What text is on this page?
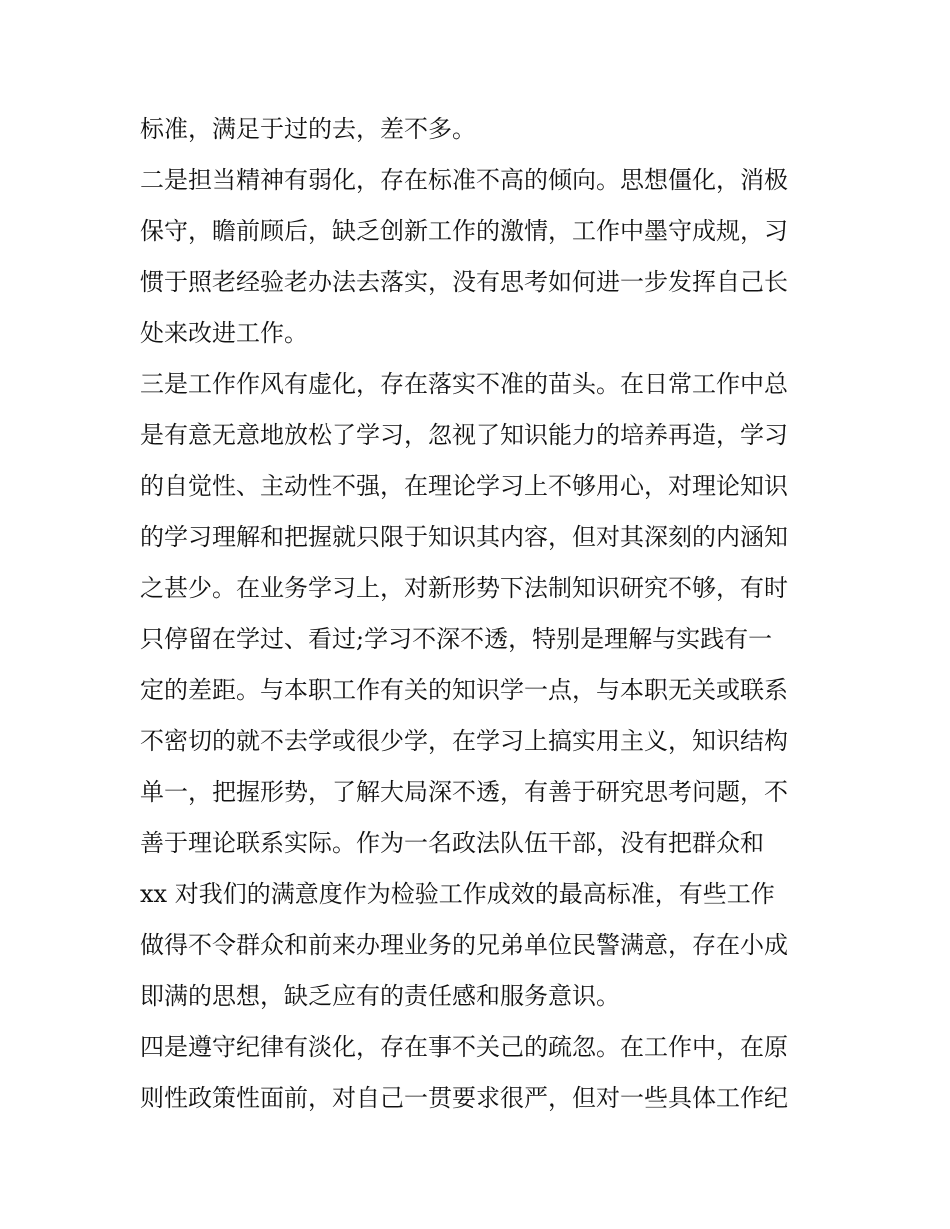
标准，满足于过的去，差不多。
二是担当精神有弱化，存在标准不高的倾向。思想僵化，消极
保守，瞻前顾后，缺乏创新工作的激情，工作中墨守成规，习
惯于照老经验老办法去落实，没有思考如何进一步发挥自己长
处来改进工作。
三是工作作风有虚化，存在落实不准的苗头。在日常工作中总
是有意无意地放松了学习，忽视了知识能力的培养再造，学习
的自觉性、主动性不强，在理论学习上不够用心，对理论知识
的学习理解和把握就只限于知识其内容，但对其深刻的内涵知
之甚少。在业务学习上，对新形势下法制知识研究不够，有时
只停留在学过、看过;学习不深不透，特别是理解与实践有一
定的差距。与本职工作有关的知识学一点，与本职无关或联系
不密切的就不去学或很少学，在学习上搞实用主义，知识结构
单一，把握形势，了解大局深不透，有善于研究思考问题，不
善于理论联系实际。作为一名政法队伍干部，没有把群众和
xx 对我们的满意度作为检验工作成效的最高标准，有些工作
做得不令群众和前来办理业务的兄弟单位民警满意，存在小成
即满的思想，缺乏应有的责任感和服务意识。
四是遵守纪律有淡化，存在事不关己的疏忽。在工作中，在原
则性政策性面前，对自己一贯要求很严，但对一些具体工作纪
